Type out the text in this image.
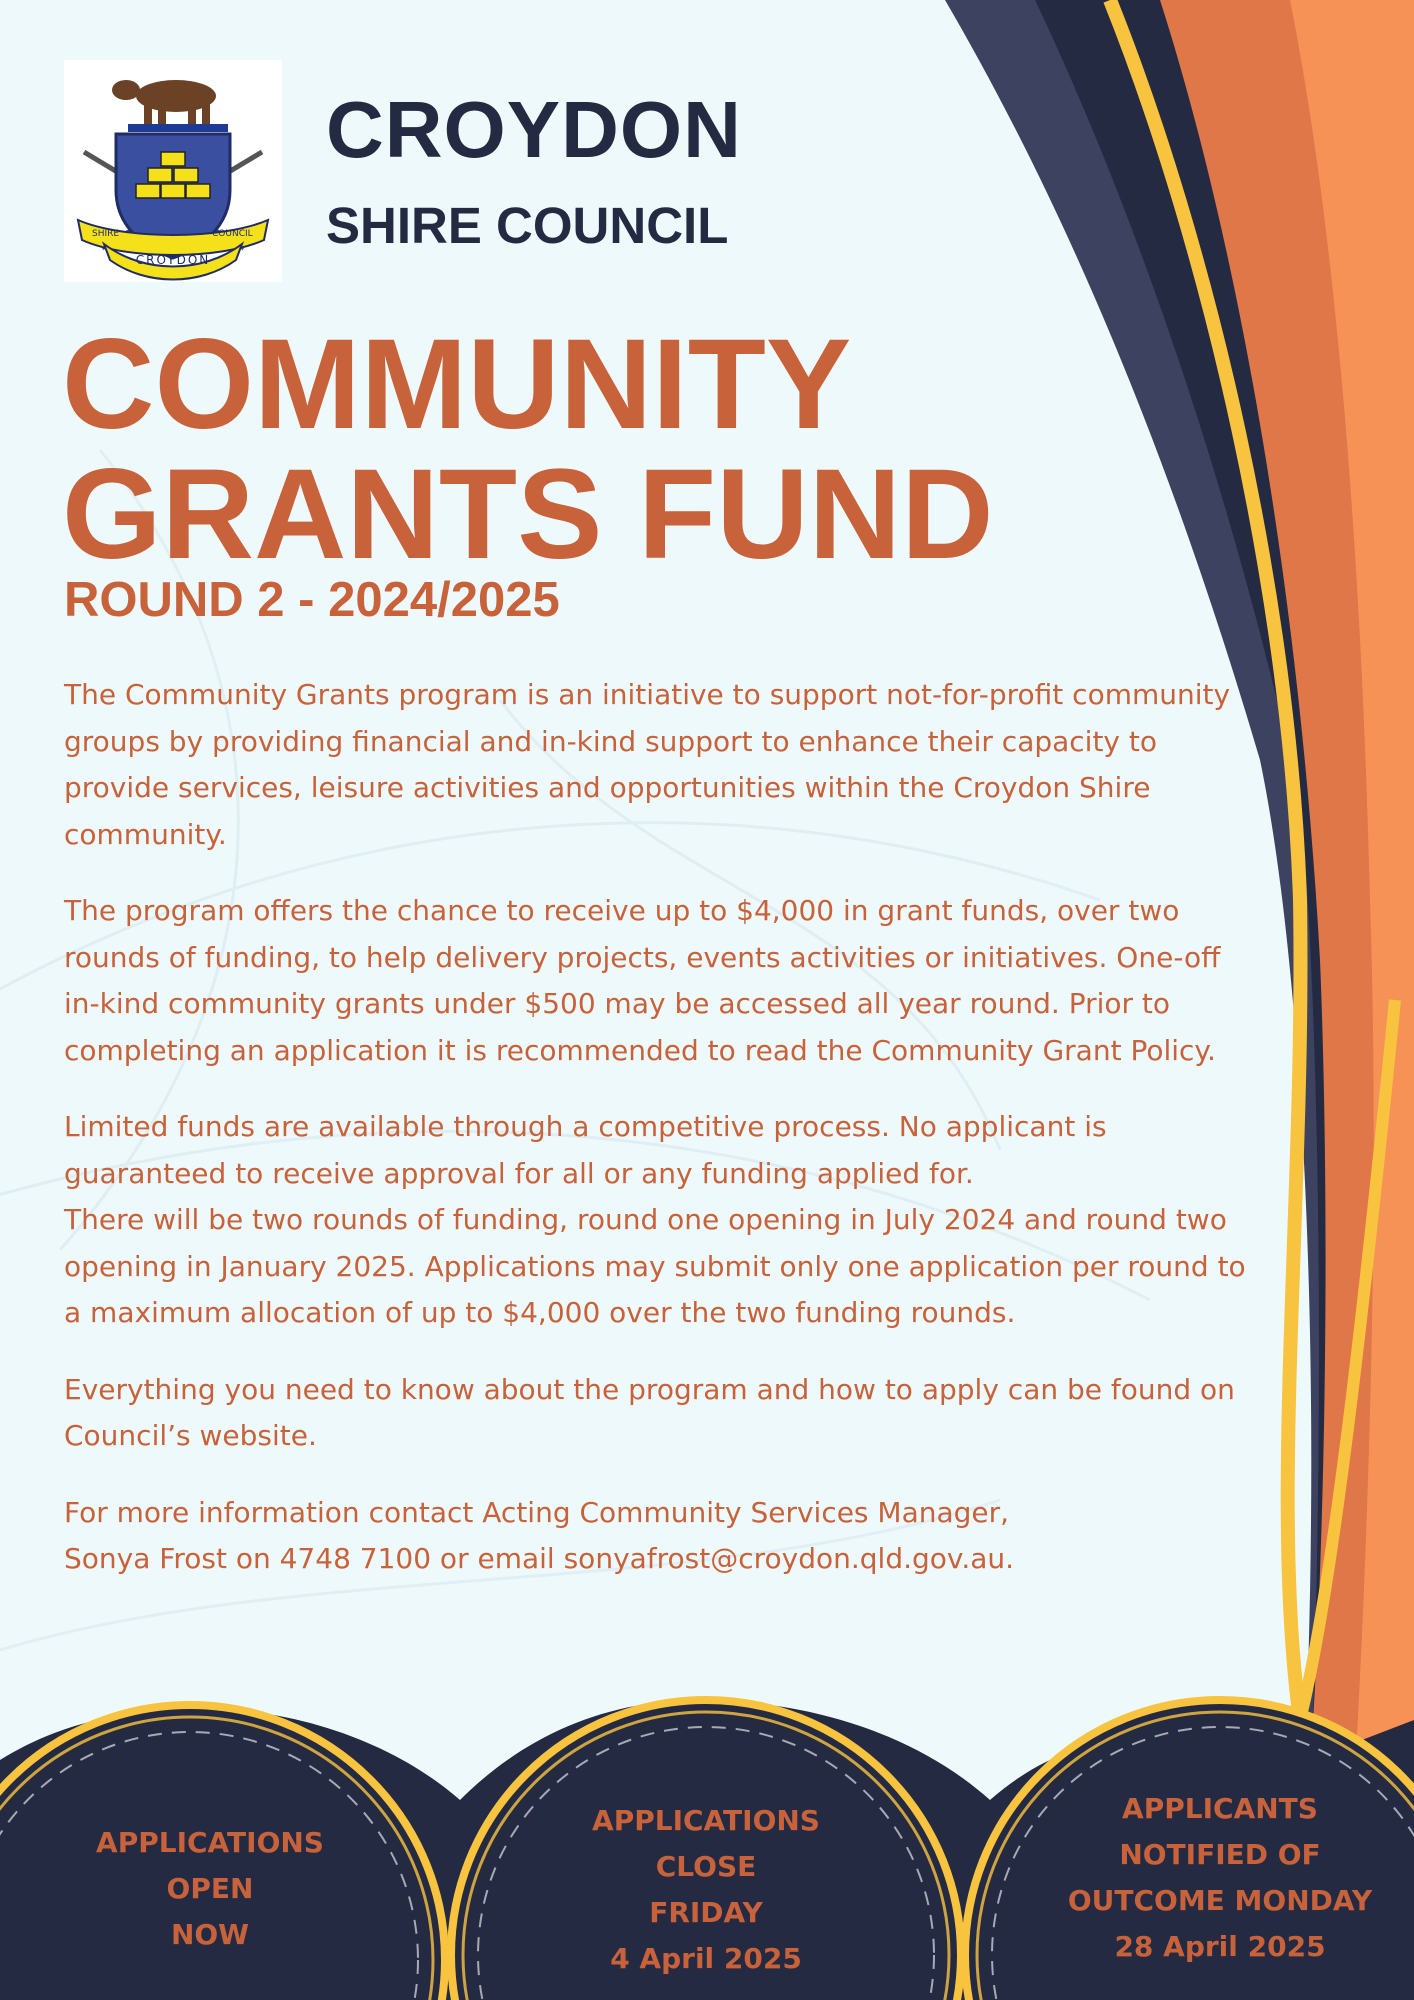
SHIRE	COUNCIL
CROYDON
CROYDON
SHIRE COUNCIL
COMMUNITY
GRANTS FUND
ROUND 2 - 2024/2025

The Community Grants program is an initiative to support not-for-profit community groups by providing financial and in-kind support to enhance their capacity to provide services, leisure activities and opportunities within the Croydon Shire community.

The program offers the chance to receive up to $4,000 in grant funds, over two rounds of funding, to help delivery projects, events activities or initiatives. One-off in-kind community grants under $500 may be accessed all year round. Prior to completing an application it is recommended to read the Community Grant Policy.

Limited funds are available through a competitive process. No applicant is guaranteed to receive approval for all or any funding applied for.
There will be two rounds of funding, round one opening in July 2024 and round two opening in January 2025. Applications may submit only one application per round to a maximum allocation of up to $4,000 over the two funding rounds.

Everything you need to know about the program and how to apply can be found on Council’s website.

For more information contact Acting Community Services Manager,
Sonya Frost on 4748 7100 or email sonyafrost@croydon.qld.gov.au.

APPLICATIONS
OPEN
NOW
APPLICATIONS
CLOSE
FRIDAY
4 April 2025
APPLICANTS
NOTIFIED OF
OUTCOME MONDAY
28 April 2025
